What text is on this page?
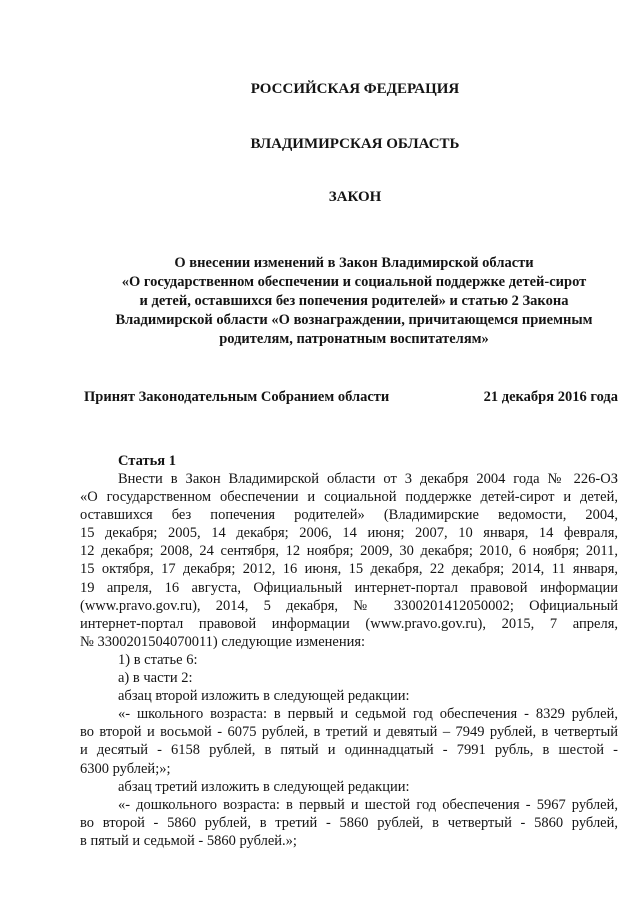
РОССИЙСКАЯ ФЕДЕРАЦИЯ
ВЛАДИМИРСКАЯ ОБЛАСТЬ
ЗАКОН
О внесении изменений в Закон Владимирской области
«О государственном обеспечении и социальной поддержке детей-сирот
и детей, оставшихся без попечения родителей» и статью 2 Закона
Владимирской области «О вознаграждении, причитающемся приемным
родителям, патронатным воспитателям»
Принят Законодательным Собранием области	21 декабря 2016 года
Статья 1
Внести в Закон Владимирской области от 3 декабря 2004 года № 226-ОЗ
«О государственном обеспечении и социальной поддержке детей-сирот и детей,
оставшихся без попечения родителей» (Владимирские ведомости, 2004,
15 декабря; 2005, 14 декабря; 2006, 14 июня; 2007, 10 января, 14 февраля,
12 декабря; 2008, 24 сентября, 12 ноября; 2009, 30 декабря; 2010, 6 ноября; 2011,
15 октября, 17 декабря; 2012, 16 июня, 15 декабря, 22 декабря; 2014, 11 января,
19 апреля, 16 августа, Официальный интернет-портал правовой информации
(www.pravo.gov.ru), 2014, 5 декабря, № 3300201412050002; Официальный
интернет-портал правовой информации (www.pravo.gov.ru), 2015, 7 апреля,
№ 3300201504070011) следующие изменения:
1) в статье 6:
а) в части 2:
абзац второй изложить в следующей редакции:
«- школьного возраста: в первый и седьмой год обеспечения - 8329 рублей,
во второй и восьмой - 6075 рублей, в третий и девятый – 7949 рублей, в четвертый
и десятый - 6158 рублей, в пятый и одиннадцатый - 7991 рубль, в шестой -
6300 рублей;»;
абзац третий изложить в следующей редакции:
«- дошкольного возраста: в первый и шестой год обеспечения - 5967 рублей,
во второй - 5860 рублей, в третий - 5860 рублей, в четвертый - 5860 рублей,
в пятый и седьмой - 5860 рублей.»;
